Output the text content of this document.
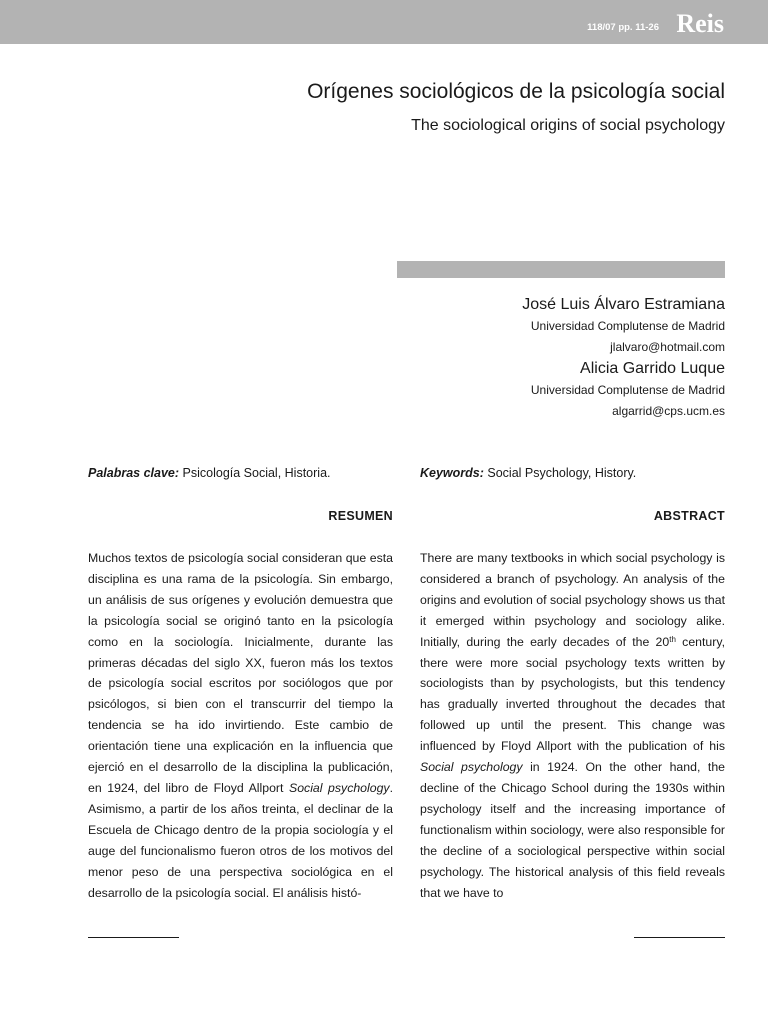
118/07 pp. 11-26 Reis
Orígenes sociológicos de la psicología social
The sociological origins of social psychology
José Luis Álvaro Estramiana
Universidad Complutense de Madrid
jlalvaro@hotmail.com
Alicia Garrido Luque
Universidad Complutense de Madrid
algarrid@cps.ucm.es
Palabras clave: Psicología Social, Historia.	Keywords: Social Psychology, History.
RESUMEN	ABSTRACT
Muchos textos de psicología social consideran que esta disciplina es una rama de la psicología. Sin embargo, un análisis de sus orígenes y evolución demuestra que la psicología social se originó tanto en la psicología como en la sociología. Inicialmente, durante las primeras décadas del siglo XX, fueron más los textos de psicología social escritos por sociólogos que por psicólogos, si bien con el transcurrir del tiempo la tendencia se ha ido invirtiendo. Este cambio de orientación tiene una explicación en la influencia que ejerció en el desarrollo de la disciplina la publicación, en 1924, del libro de Floyd Allport Social psychology. Asimismo, a partir de los años treinta, el declinar de la Escuela de Chicago dentro de la propia sociología y el auge del funcionalismo fueron otros de los motivos del menor peso de una perspectiva sociológica en el desarrollo de la psicología social. El análisis histó-
There are many textbooks in which social psychology is considered a branch of psychology. An analysis of the origins and evolution of social psychology shows us that it emerged within psychology and sociology alike. Initially, during the early decades of the 20th century, there were more social psychology texts written by sociologists than by psychologists, but this tendency has gradually inverted throughout the decades that followed up until the present. This change was influenced by Floyd Allport with the publication of his Social psychology in 1924. On the other hand, the decline of the Chicago School during the 1930s within psychology itself and the increasing importance of functionalism within sociology, were also responsible for the decline of a sociological perspective within social psychology. The historical analysis of this field reveals that we have to
